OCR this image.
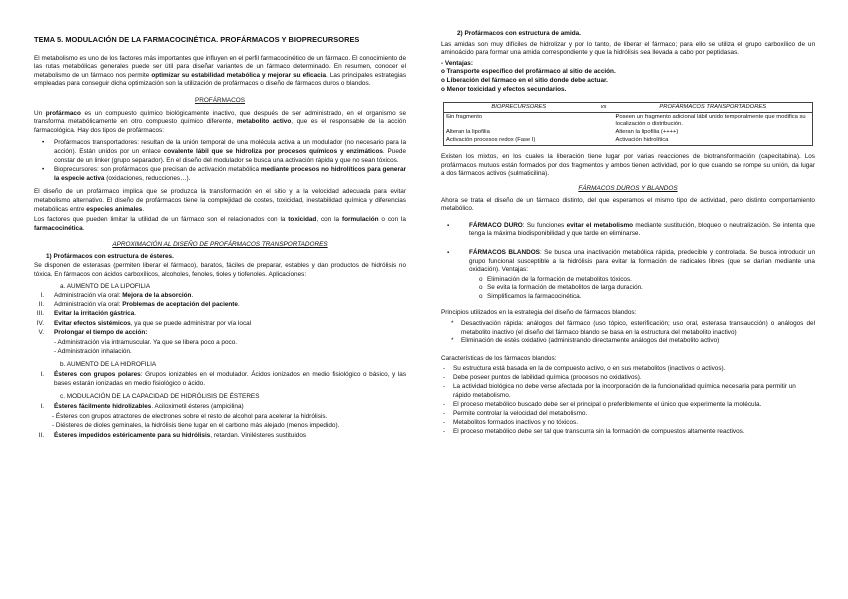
TEMA 5. MODULACIÓN DE LA FARMACOCINÉTICA. PROFÁRMACOS Y BIOPRECURSORES

El metabolismo es uno de los factores más importantes que influyen en el perfil farmacocinético de un fármaco. El conocimiento de las rutas metabólicas generales puede ser útil para diseñar variantes de un fármaco determinado. En resumen, conocer el metabolismo de un fármaco nos permite optimizar su estabilidad metabólica y mejorar su eficacia. Las principales estrategias empleadas para conseguir dicha optimización son la utilización de profármacos o diseño de fármacos duros o blandos.

PROFÁRMACOS

Un profármaco es un compuesto químico biológicamente inactivo, que después de ser administrado, en el organismo se transforma metabólicamente en otro compuesto químico diferente, metabolito activo, que es el responsable de la acción farmacológica. Hay dos tipos de profármacos:

• Profármacos transportadores: resultan de la unión temporal de una molécula activa a un modulador (no necesario para la acción). Están unidos por un enlace covalente lábil que se hidroliza por procesos químicos y enzimáticos. Puede constar de un linker (grupo separador). En el diseño del modulador se busca una activación rápida y que no sean tóxicos.
• Bioprecursores: son profármacos que precisan de activación metabólica mediante procesos no hidrolíticos para generar la especie activa (oxidaciones, reducciones…).

El diseño de un profármaco implica que se produzca la transformación en el sitio y a la velocidad adecuada para evitar metabolismo alternativo. El diseño de profármacos tiene la complejidad de costes, toxicidad, inestabilidad química y diferencias metabólicas entre especies animales.

Los factores que pueden limitar la utilidad de un fármaco son el relacionados con la toxicidad, con la formulación o con la farmacocinética.

APROXIMACIÓN AL DISEÑO DE PROFÁRMACOS TRANSPORTADORES
1) Profármacos con estructura de ésteres.

Se disponen de esterasas (permiten liberar el fármaco), baratos, fáciles de preparar, estables y dan productos de hidrólisis no tóxica. En fármacos con ácidos carboxílicos, alcoholes, fenoles, tioles y tiofenoles. Aplicaciones:

a. AUMENTO DE LA LIPOFILIA
I. Administración vía oral: Mejora de la absorción.
II. Administración vía oral: Problemas de aceptación del paciente.
III. Evitar la irritación gástrica.
IV. Evitar efectos sistémicos, ya que se puede administrar por vía local
V. Prolongar el tiempo de acción:
- Administración vía intramuscular. Ya que se libera poco a poco.
- Administración inhalación.
b. AUMENTO DE LA HIDROFILIA
I. Ésteres con grupos polares: Grupos ionizables en el modulador. Ácidos ionizados en medio fisiológico o básico, y las bases estarán ionizadas en medio fisiológico o ácido.
c. MODULACIÓN DE LA CAPACIDAD DE HIDRÓLISIS DE ÉSTERES
I. Ésteres fácilmente hidrolizables. Aciloximetil ésteres (ampicilina)
- Ésteres con grupos atractores de electrones sobre el resto de alcohol para acelerar la hidrólisis.
- Diésteres de dioles geminales, la hidrólisis tiene lugar en el carbono más alejado (menos impedido).
II. Ésteres impedidos estéricamente para su hidrólisis, retardan. Vinilésteres sustituidos
2) Profármacos con estructura de amida.

Las amidas son muy difíciles de hidrolizar y por lo tanto, de liberar el fármaco; para ello se utiliza el grupo carboxílico de un aminoácido para formar una amida correspondiente y que la hidrólisis sea llevada a cabo por peptidasas.

- Ventajas:
o Transporte específico del profármaco al sitio de acción.
o Liberación del fármaco en el sitio donde debe actuar.
o Menor toxicidad y efectos secundarios.
BIOPRECURSORES	vs	PROFÁRMACOS TRANSPORTADORES
- Sin fragmento		- Poseen un fragmento adicional lábil unido temporalmente que modifica su localización o distribución.
- Alteran la lipofilia		- Alteran la lipofilia (++++)
- Activación procesos redox (Fase I)		- Activación hidrolítica

Existen los mixtos, en los cuales la liberación tiene lugar por varias reacciones de biotransformación (capecitabina). Los profármacos mutuos están formados por dos fragmentos y ambos tienen actividad, por lo que cuando se rompe su unión, da lugar a dos fármacos activos (sulmaticilina).

FÁRMACOS DUROS Y BLANDOS

Ahora se trata el diseño de un fármaco distinto, del que esperamos el mismo tipo de actividad, pero distinto comportamiento metabólico.

▪ FÁRMACO DURO: Su funciones evitar el metabolismo mediante sustitución, bloqueo o neutralización. Se intenta que tenga la máxima biodisponibilidad y que tarde en eliminarse.
▪ FÁRMACOS BLANDOS: Se busca una inactivación metabólica rápida, predecible y controlada. Se busca introducir un grupo funcional susceptible a la hidrólisis para evitar la formación de radicales libres (que se darían mediante una oxidación). Ventajas:
o Eliminación de la formación de metabolitos tóxicos.
o Se evita la formación de metabolitos de larga duración.
o Simplificamos la farmacocinética.

Principios utilizados en la estrategia del diseño de fármacos blandos:

* Desactivación rápida: análogos del fármaco (uso tópico, esterificación; uso oral, esterasa transaucción) o análogos del metabolito inactivo (el diseño del fármaco blando se basa en la estructura del metabolito inactivo)
* Eliminación de estés oxidativo (administrando directamente análogos del metabolito activo)

Características de los fármacos blandos:

- Su estructura está basada en la de compuesto activo, o en sus metabolitos (inactivos o activos).
- Debe poseer puntos de labilidad química (procesos no oxidativos).
- La actividad biológica no debe verse afectada por la incorporación de la funcionalidad química necesaria para permitir un rápido metabolismo.
- El proceso metabólico buscado debe ser el principal o preferiblemente el único que experimente la molécula.
- Permite controlar la velocidad del metabolismo.
- Metabolitos formados inactivos y no tóxicos.
- El proceso metabólico debe ser tal que transcurra sin la formación de compuestos altamente reactivos.
